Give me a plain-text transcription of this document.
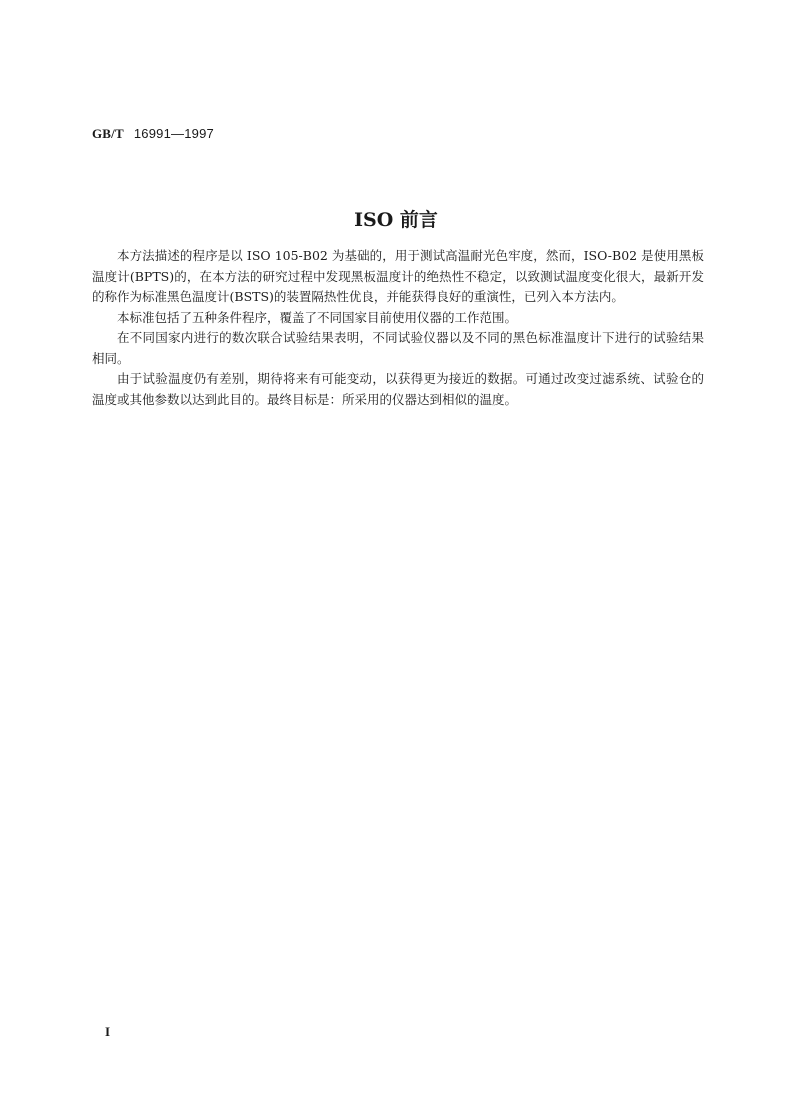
GB/T 16991—1997
ISO 前言

本方法描述的程序是以 ISO 105-B02 为基础的，用于测试高温耐光色牢度，然而，ISO-B02 是使用黑板温度计(BPTS)的，在本方法的研究过程中发现黑板温度计的绝热性不稳定，以致测试温度变化很大，最新开发的称作为标准黑色温度计(BSTS)的装置隔热性优良，并能获得良好的重演性，已列入本方法内。

本标准包括了五种条件程序，覆盖了不同国家目前使用仪器的工作范围。

在不同国家内进行的数次联合试验结果表明，不同试验仪器以及不同的黑色标准温度计下进行的试验结果相同。

由于试验温度仍有差别，期待将来有可能变动，以获得更为接近的数据。可通过改变过滤系统、试验仓的温度或其他参数以达到此目的。最终目标是：所采用的仪器达到相似的温度。

I
